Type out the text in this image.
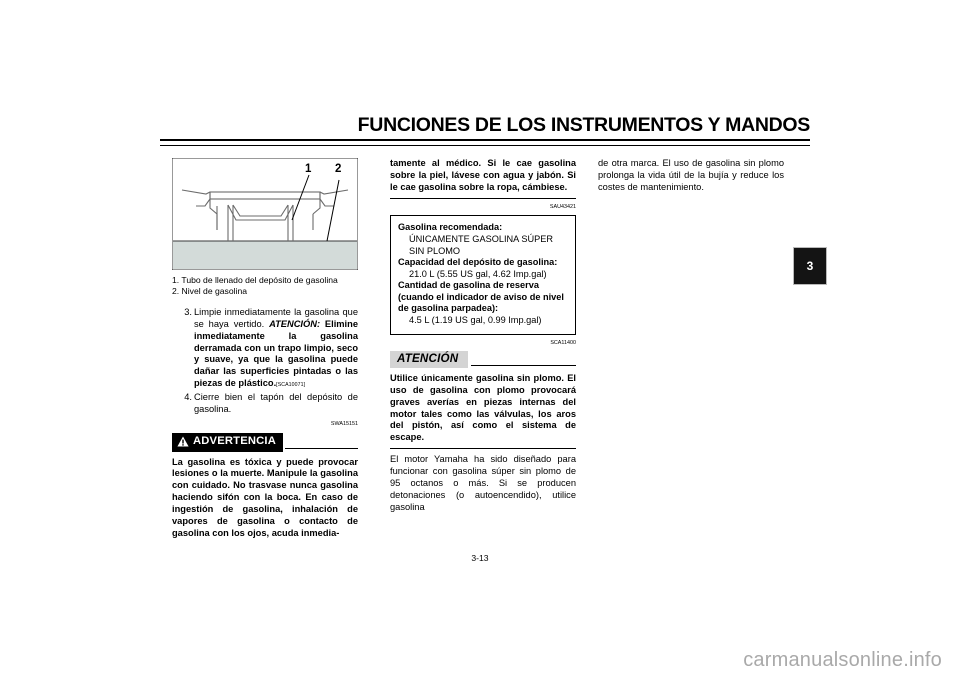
FUNCIONES DE LOS INSTRUMENTOS Y MANDOS
3
1 2
1. Tubo de llenado del depósito de gasolina
2. Nivel de gasolina
3. Limpie inmediatamente la gasolina que se haya vertido. ATENCIÓN: Elimine inmediatamente la gasolina derramada con un trapo limpio, seco y suave, ya que la gasolina puede dañar las superficies pintadas o las piezas de plástico.[SCA10071]
4. Cierre bien el tapón del depósito de gasolina.
SWA15151
ADVERTENCIA
La gasolina es tóxica y puede provocar lesiones o la muerte. Manipule la gasolina con cuidado. No trasvase nunca gasolina haciendo sifón con la boca. En caso de ingestión de gasolina, inhalación de vapores de gasolina o contacto de gasolina con los ojos, acuda inmedia-
tamente al médico. Si le cae gasolina sobre la piel, lávese con agua y jabón. Si le cae gasolina sobre la ropa, cámbiese.
SAU43421
Gasolina recomendada:
ÚNICAMENTE GASOLINA SÚPER SIN PLOMO
Capacidad del depósito de gasolina:
21.0 L (5.55 US gal, 4.62 Imp.gal)
Cantidad de gasolina de reserva (cuando el indicador de aviso de nivel de gasolina parpadea):
4.5 L (1.19 US gal, 0.99 Imp.gal)
SCA11400
ATENCIÓN
Utilice únicamente gasolina sin plomo. El uso de gasolina con plomo provocará graves averías en piezas internas del motor tales como las válvulas, los aros del pistón, así como el sistema de escape.
El motor Yamaha ha sido diseñado para funcionar con gasolina súper sin plomo de 95 octanos o más. Si se producen detonaciones (o autoencendido), utilice gasolina
de otra marca. El uso de gasolina sin plomo prolonga la vida útil de la bujía y reduce los costes de mantenimiento.
3-13
carmanualsonline.info
